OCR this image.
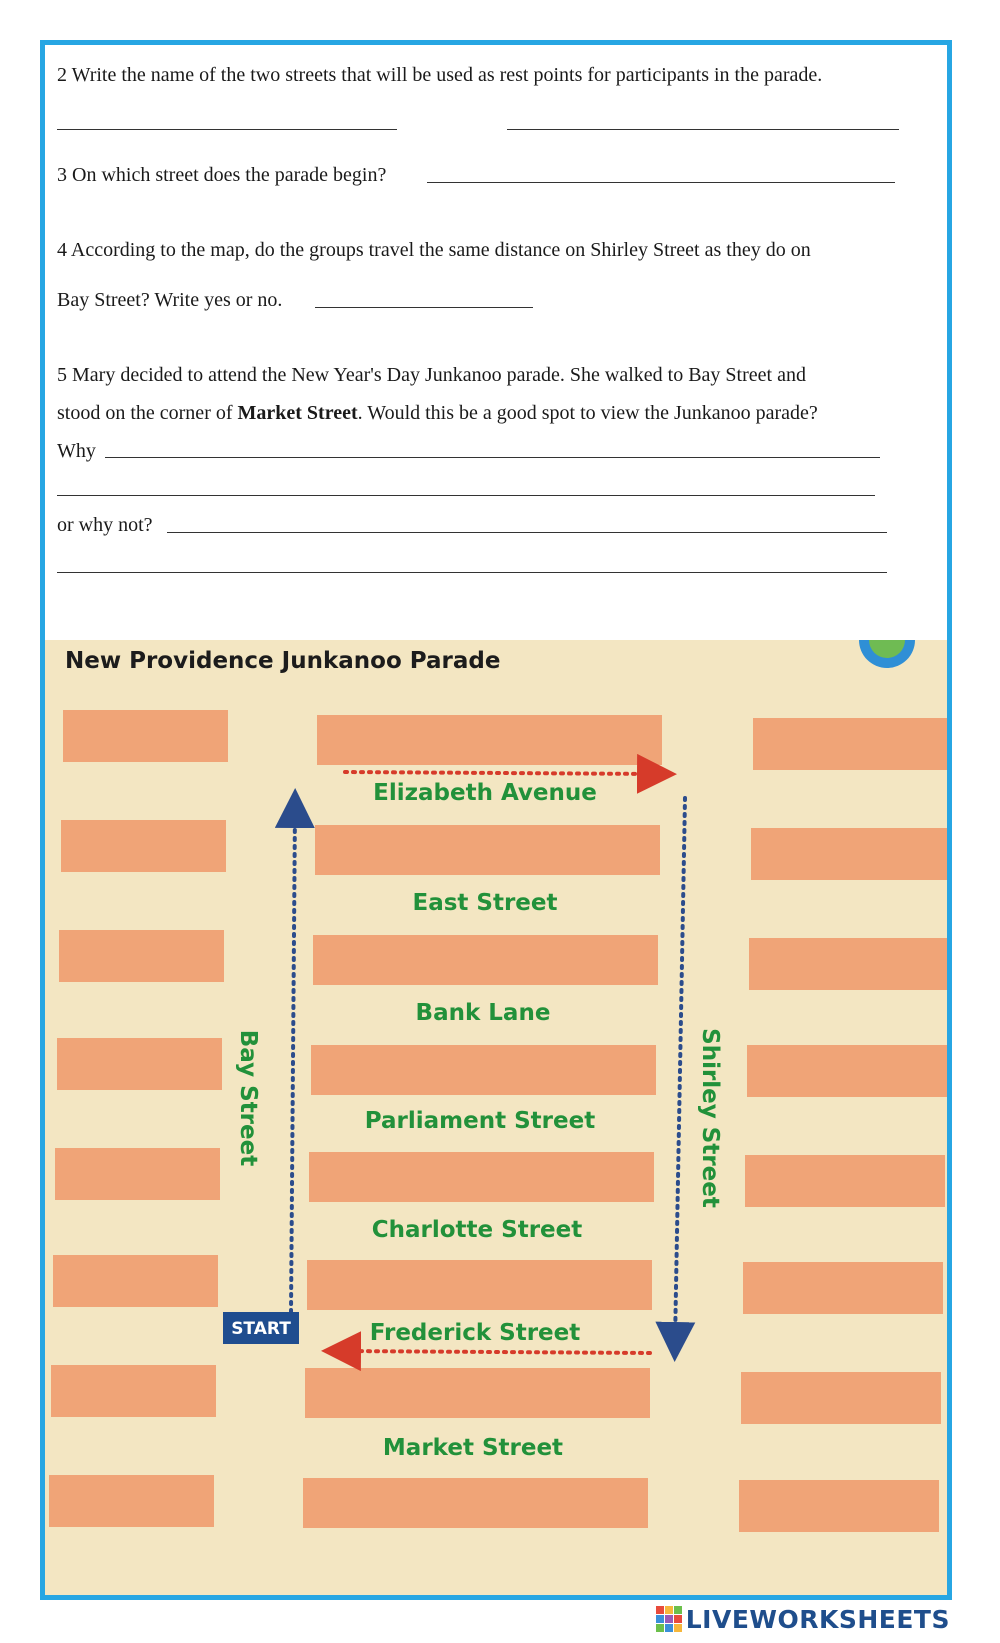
2 Write the name of the two streets that will be used as rest points for participants in the parade.
3 On which street does the parade begin?
4 According to the map, do the groups travel the same distance on Shirley Street as they do on
Bay Street? Write yes or no.
5 Mary decided to attend the New Year's Day Junkanoo parade. She walked to Bay Street and
stood on the corner of Market Street. Would this be a good spot to view the Junkanoo parade?
Why
or why not?
START
New Providence Junkanoo Parade
Elizabeth Avenue
East Street
Bank Lane
Parliament Street
Charlotte Street
Frederick Street
Market Street
Bay Street	Shirley Street
LIVEWORKSHEETS
